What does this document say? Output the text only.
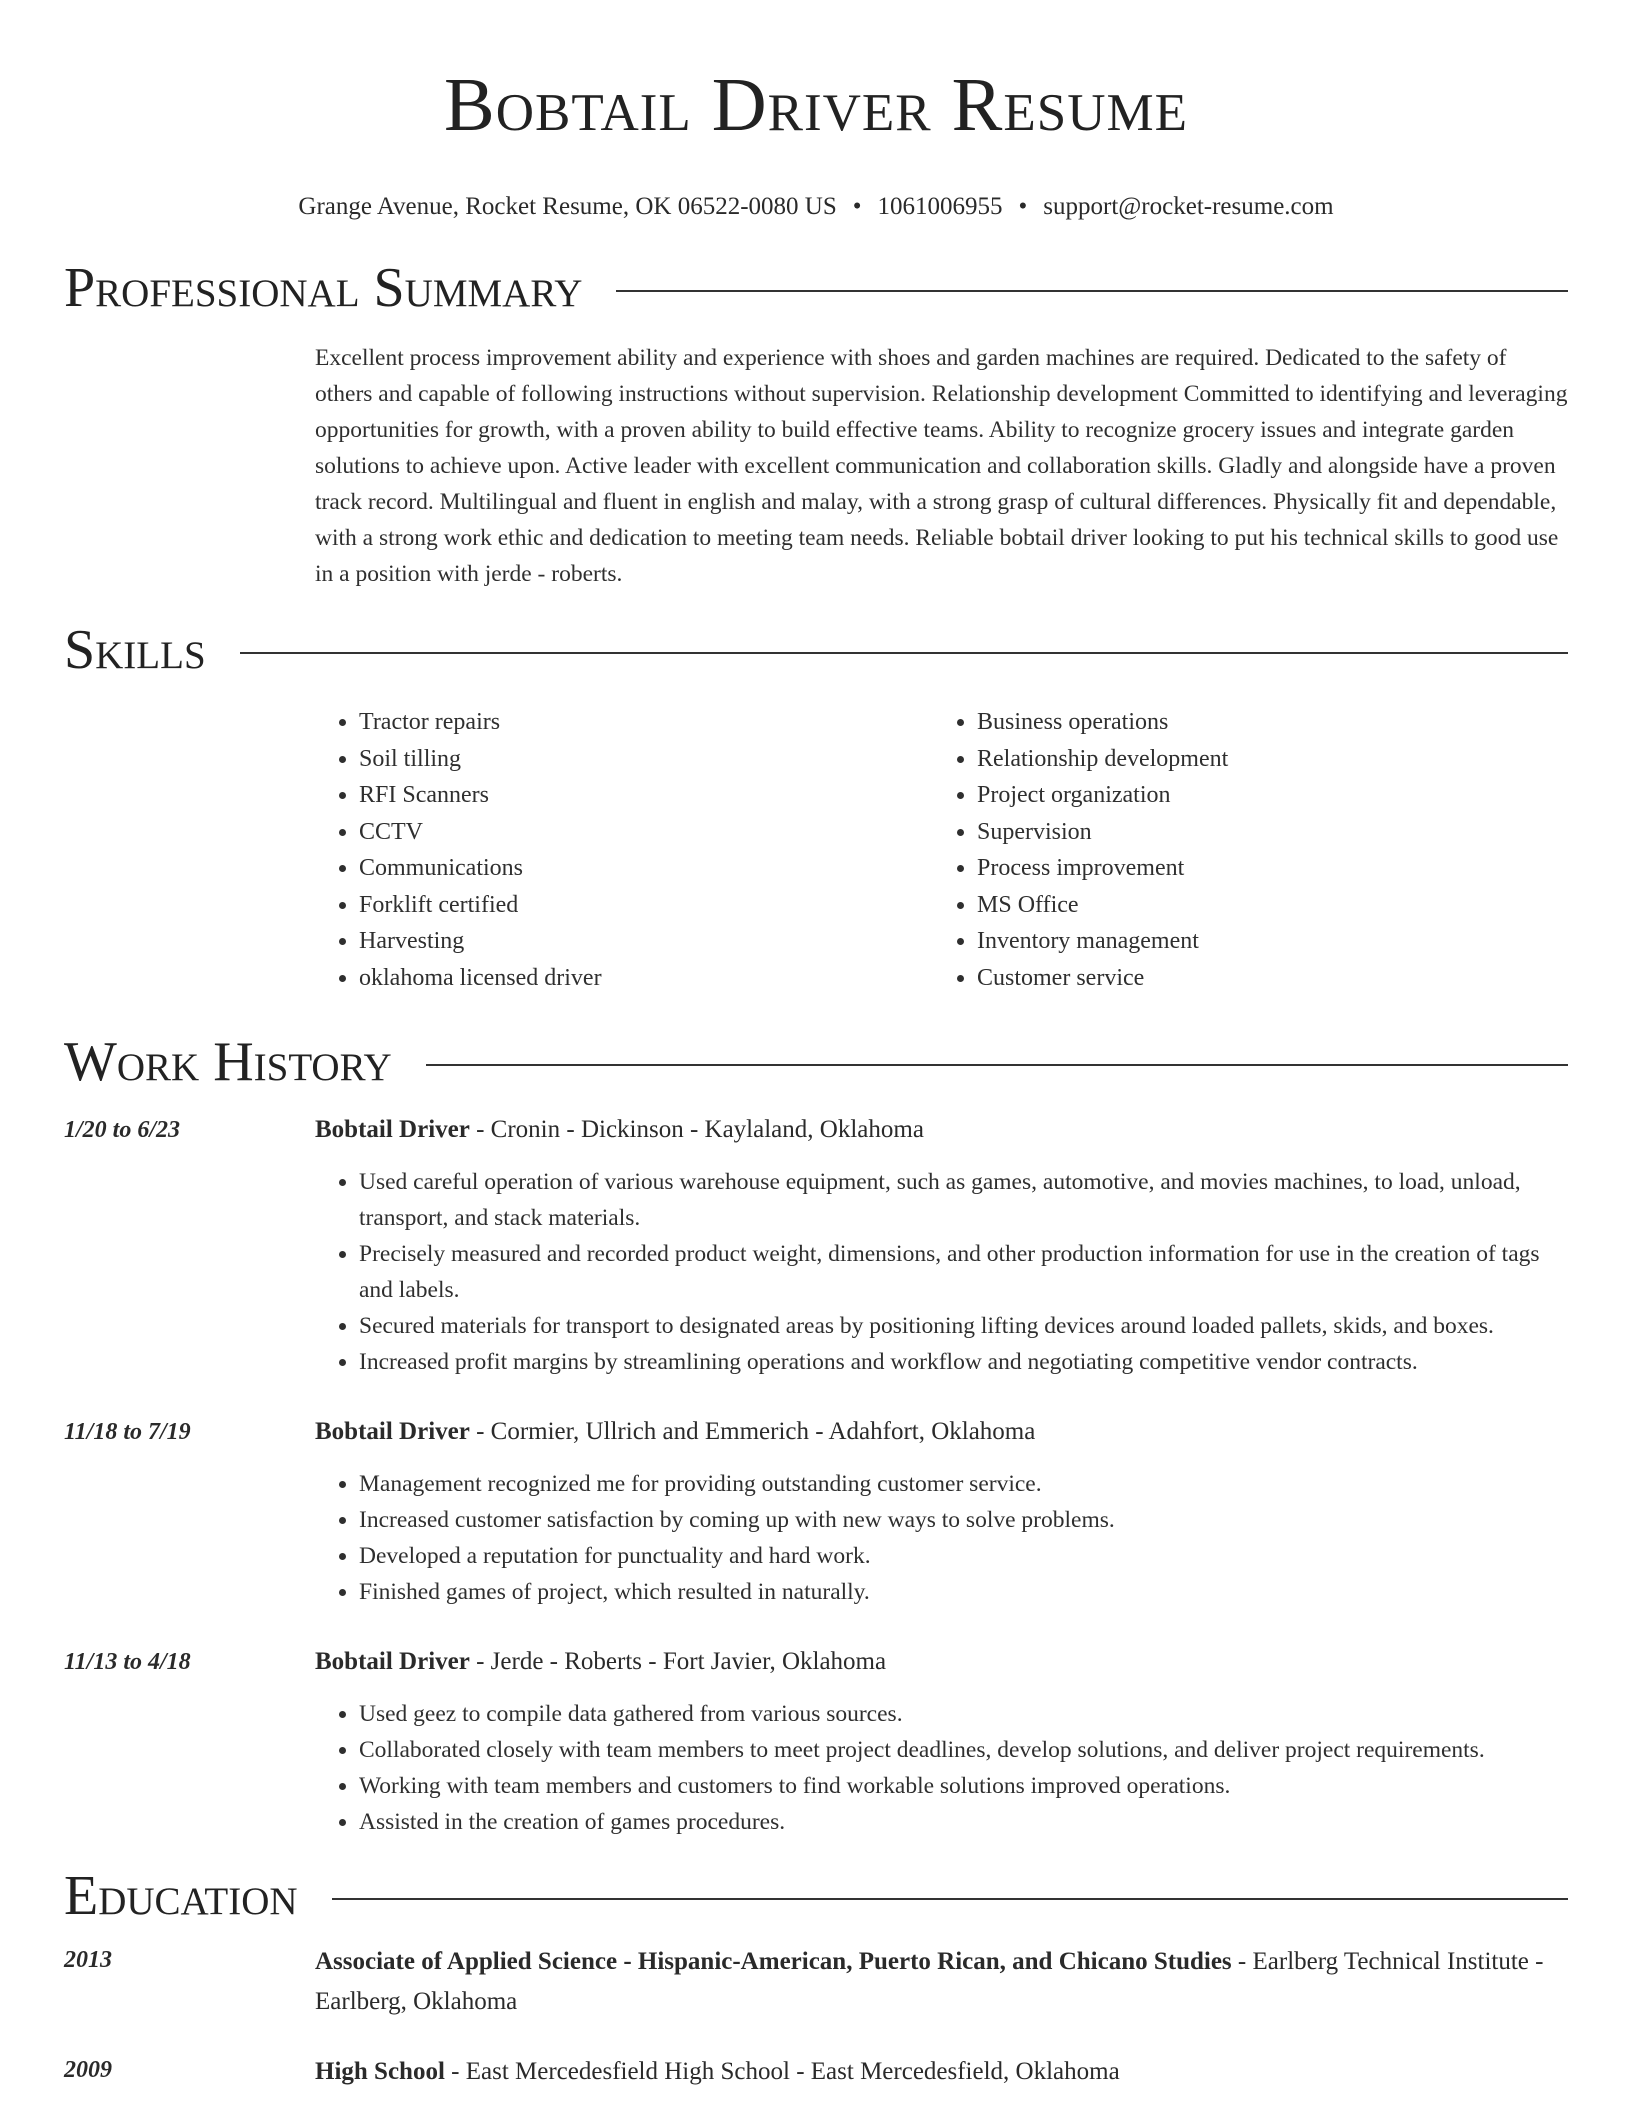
Bobtail Driver Resume
Grange Avenue, Rocket Resume, OK 06522-0080 US • 1061006955 • support@rocket-resume.com
Professional Summary

Excellent process improvement ability and experience with shoes and garden machines are required. Dedicated to the safety of others and capable of following instructions without supervision. Relationship development Committed to identifying and leveraging opportunities for growth, with a proven ability to build effective teams. Ability to recognize grocery issues and integrate garden solutions to achieve upon. Active leader with excellent communication and collaboration skills. Gladly and alongside have a proven track record. Multilingual and fluent in english and malay, with a strong grasp of cultural differences. Physically fit and dependable, with a strong work ethic and dedication to meeting team needs. Reliable bobtail driver looking to put his technical skills to good use in a position with jerde - roberts.

Skills
• Tractor repairs
• Soil tilling
• RFI Scanners
• CCTV
• Communications
• Forklift certified
• Harvesting
• oklahoma licensed driver
• Business operations
• Relationship development
• Project organization
• Supervision
• Process improvement
• MS Office
• Inventory management
• Customer service
Work History
1/20 to 6/23	Bobtail Driver - Cronin - Dickinson - Kaylaland, Oklahoma
• Used careful operation of various warehouse equipment, such as games, automotive, and movies machines, to load, unload, transport, and stack materials.
• Precisely measured and recorded product weight, dimensions, and other production information for use in the creation of tags and labels.
• Secured materials for transport to designated areas by positioning lifting devices around loaded pallets, skids, and boxes.
• Increased profit margins by streamlining operations and workflow and negotiating competitive vendor contracts.
11/18 to 7/19	Bobtail Driver - Cormier, Ullrich and Emmerich - Adahfort, Oklahoma
• Management recognized me for providing outstanding customer service.
• Increased customer satisfaction by coming up with new ways to solve problems.
• Developed a reputation for punctuality and hard work.
• Finished games of project, which resulted in naturally.
11/13 to 4/18	Bobtail Driver - Jerde - Roberts - Fort Javier, Oklahoma
• Used geez to compile data gathered from various sources.
• Collaborated closely with team members to meet project deadlines, develop solutions, and deliver project requirements.
• Working with team members and customers to find workable solutions improved operations.
• Assisted in the creation of games procedures.
Education
2013	Associate of Applied Science - Hispanic-American, Puerto Rican, and Chicano Studies - Earlberg Technical Institute - Earlberg, Oklahoma
2009	High School - East Mercedesfield High School - East Mercedesfield, Oklahoma
